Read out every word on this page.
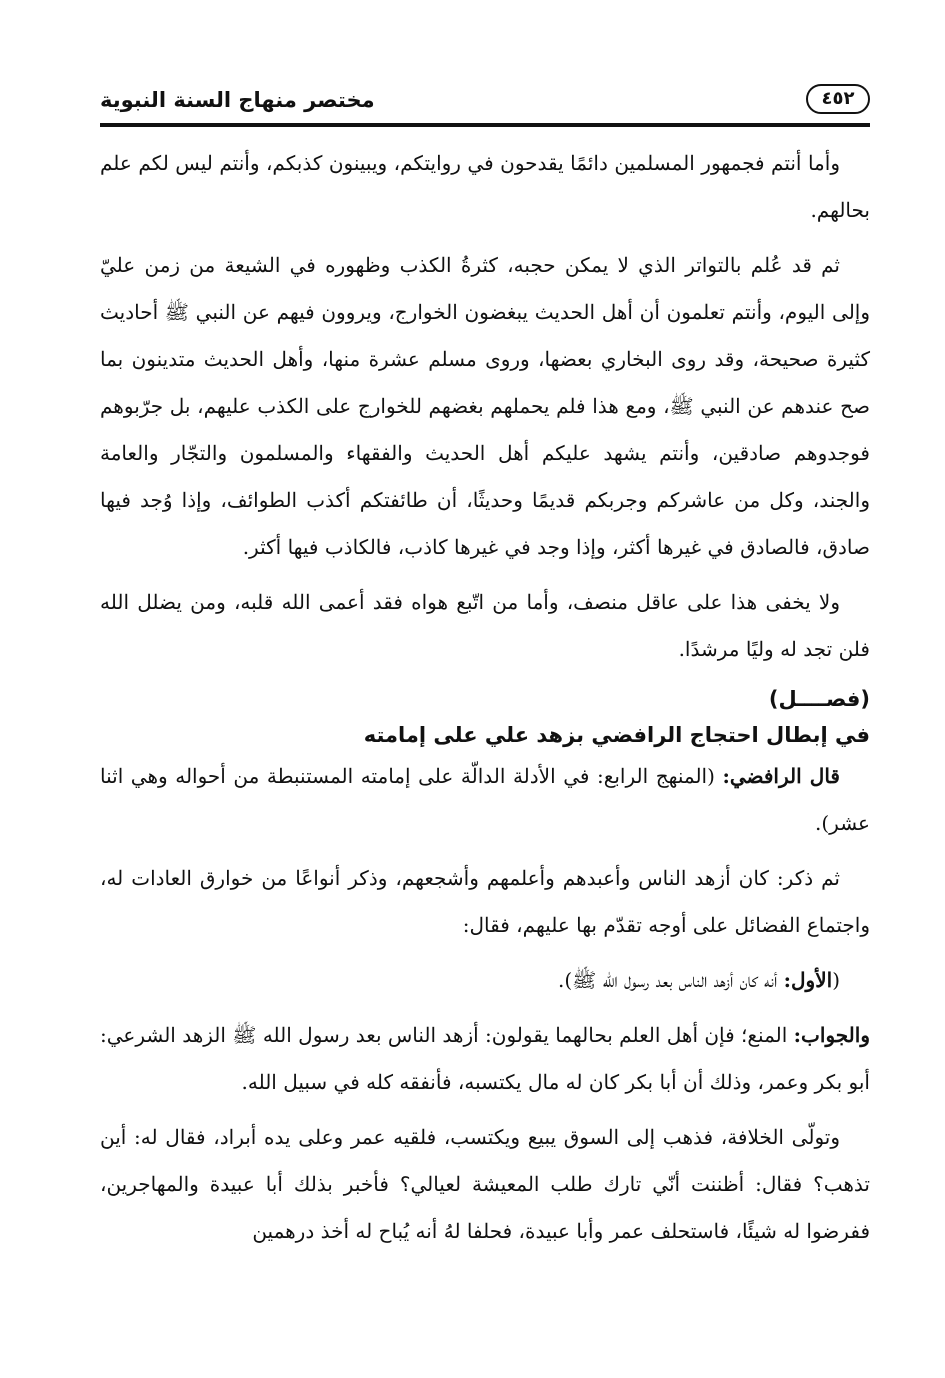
مختصر منهاج السنة النبوية	٤٥٢

وأما أنتم فجمهور المسلمين دائمًا يقدحون في روايتكم، ويبينون كذبكم، وأنتم ليس لكم علم بحالهم.

ثم قد عُلم بالتواتر الذي لا يمكن حجبه، كثرةُ الكذب وظهوره في الشيعة من زمن عليّ وإلى اليوم، وأنتم تعلمون أن أهل الحديث يبغضون الخوارج، ويروون فيهم عن النبي ﷺ أحاديث كثيرة صحيحة، وقد روى البخاري بعضها، وروى مسلم عشرة منها، وأهل الحديث متدينون بما صح عندهم عن النبي ﷺ، ومع هذا فلم يحملهم بغضهم للخوارج على الكذب عليهم، بل جرّبوهم فوجدوهم صادقين، وأنتم يشهد عليكم أهل الحديث والفقهاء والمسلمون والتجّار والعامة والجند، وكل من عاشركم وجربكم قديمًا وحديثًا، أن طائفتكم أكذب الطوائف، وإذا وُجد فيها صادق، فالصادق في غيرها أكثر، وإذا وجد في غيرها كاذب، فالكاذب فيها أكثر.

ولا يخفى هذا على عاقل منصف، وأما من اتّبع هواه فقد أعمى الله قلبه، ومن يضلل الله فلن تجد له وليًا مرشدًا.

(فصــــل)

في إبطال احتجاج الرافضي بزهد علي على إمامته

قال الرافضي: (المنهج الرابع: في الأدلة الدالّة على إمامته المستنبطة من أحواله وهي اثنا عشر).

ثم ذكر: كان أزهد الناس وأعبدهم وأعلمهم وأشجعهم، وذكر أنواعًا من خوارق العادات له، واجتماع الفضائل على أوجه تقدّم بها عليهم، فقال:

(الأول: أنه كان أزهد الناس بعد رسول الله ﷺ).

والجواب: المنع؛ فإن أهل العلم بحالهما يقولون: أزهد الناس بعد رسول الله ﷺ الزهد الشرعي: أبو بكر وعمر، وذلك أن أبا بكر كان له مال يكتسبه، فأنفقه كله في سبيل الله.

وتولّى الخلافة، فذهب إلى السوق يبيع ويكتسب، فلقيه عمر وعلى يده أبراد، فقال له: أين تذهب؟ فقال: أظننت أنّي تارك طلب المعيشة لعيالي؟ فأخبر بذلك أبا عبيدة والمهاجرين، ففرضوا له شيئًا، فاستحلف عمر وأبا عبيدة، فحلفا لهُ أنه يُباح له أخذ درهمين
